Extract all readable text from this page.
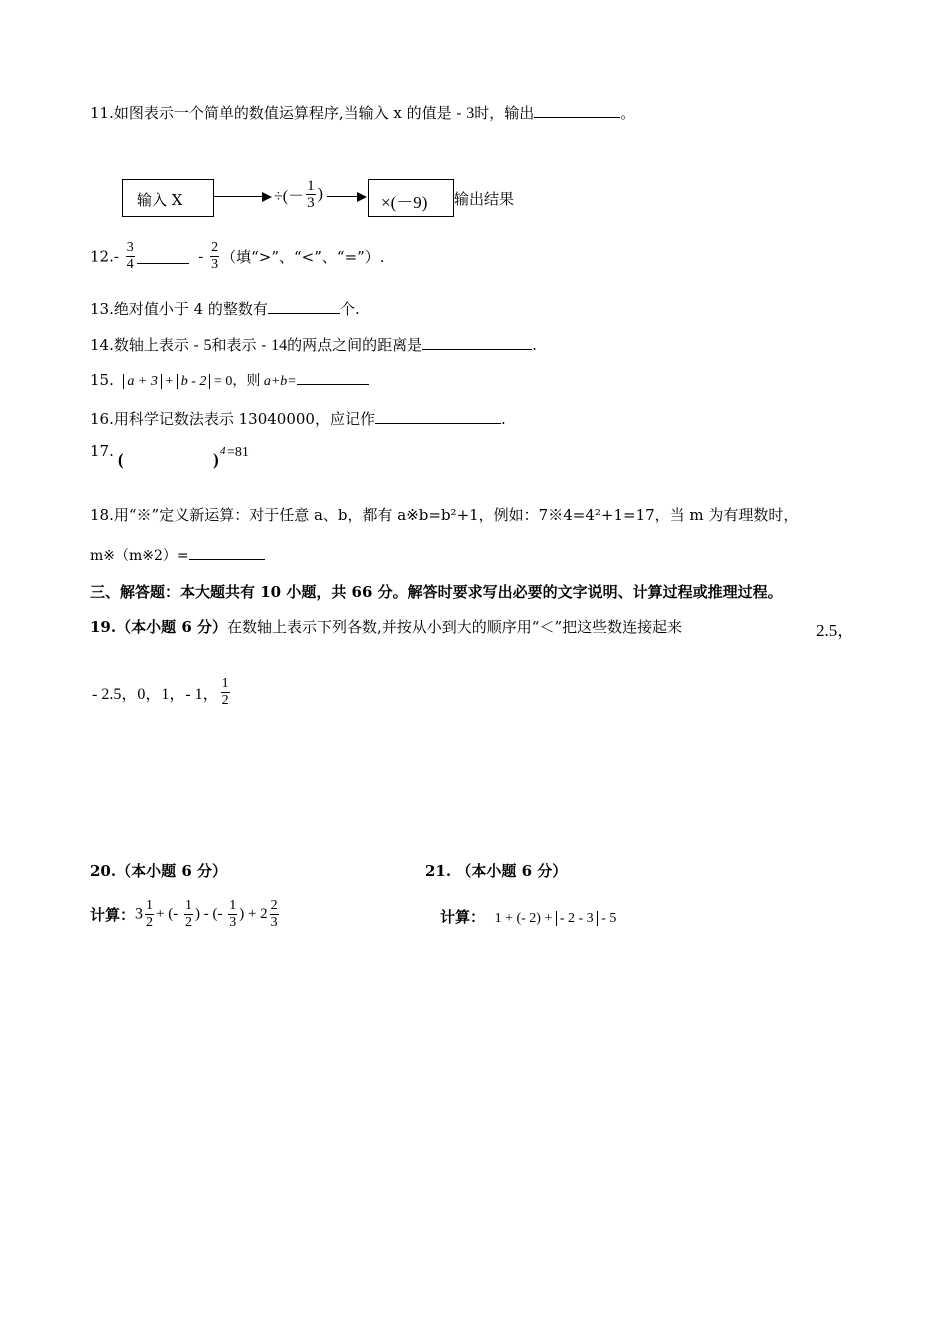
11.如图表示一个简单的数值运算程序,当输入 x 的值是 - 3时，输出	。
输入 X	÷(－ $\frac{1}{3}$ )	×(－9) 输出结果
$12.- \frac{3}{4}$	- $\frac{2}{3}$ （填“>”、“<”、“=”）.
13.绝对值小于 4 的整数有	个.
14.数轴上表示 - 5和表示 - 14的两点之间的距离是	.
15. a + 3 + b - 2 = 0，则 a+b=
16.用科学记数法表示 13040000，应记作	.
17. (	) 4 =81
18.用“※”定义新运算：对于任意 a、b，都有 a※b=b²+1，例如：7※4=4²+1=17，当 m 为有理数时，
m※（m※2）=
三、解答题：本大题共有 10 小题，共 66 分。解答时要求写出必要的文字说明、计算过程或推理过程。
19.（本小题 6 分）在数轴上表示下列各数,并按从小到大的顺序用“＜”把这些数连接起来	2.5，
- 2.5，0，1，- 1， $\frac{1}{2}$
20.（本小题 6 分）
计算：$3 \frac{1}{2}$ + (- $\frac{1}{2}$ ) - (- $\frac{1}{3}$ ) + $2 \frac{2}{3}$
21. （本小题 6 分）
计算： 1 + (- 2) + - 2 - 3 - 5
